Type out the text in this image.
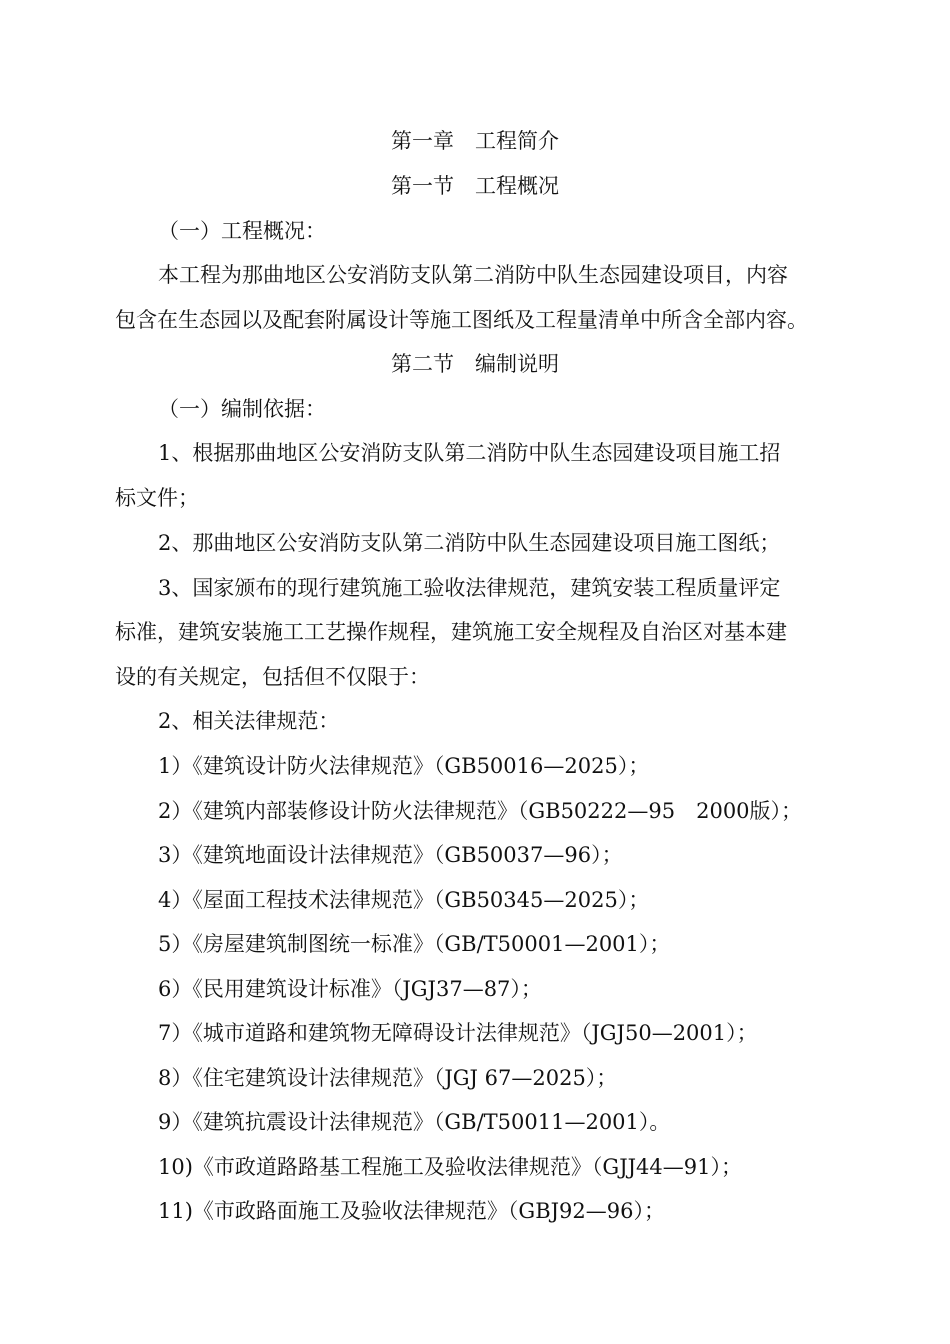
第一章　工程简介
第一节　工程概况
（一）工程概况：
本工程为那曲地区公安消防支队第二消防中队生态园建设项目，内容
包含在生态园以及配套附属设计等施工图纸及工程量清单中所含全部内容。
第二节　编制说明
（一）编制依据：
1、根据那曲地区公安消防支队第二消防中队生态园建设项目施工招
标文件；
2、那曲地区公安消防支队第二消防中队生态园建设项目施工图纸；
3、国家颁布的现行建筑施工验收法律规范，建筑安装工程质量评定
标准，建筑安装施工工艺操作规程，建筑施工安全规程及自治区对基本建
设的有关规定，包括但不仅限于：
2、相关法律规范：
1）《建筑设计防火法律规范》（GB50016—2025）；
2）《建筑内部装修设计防火法律规范》（GB50222—95　2000版）；
3）《建筑地面设计法律规范》（GB50037—96）；
4）《屋面工程技术法律规范》（GB50345—2025）；
5）《房屋建筑制图统一标准》（GB/T50001—2001）；
6）《民用建筑设计标准》（JGJ37—87）；
7）《城市道路和建筑物无障碍设计法律规范》（JGJ50—2001）；
8）《住宅建筑设计法律规范》（JGJ 67—2025）；
9）《建筑抗震设计法律规范》（GB/T50011—2001）。
10)《市政道路路基工程施工及验收法律规范》（GJJ44—91）；
11)《市政路面施工及验收法律规范》（GBJ92—96）；
